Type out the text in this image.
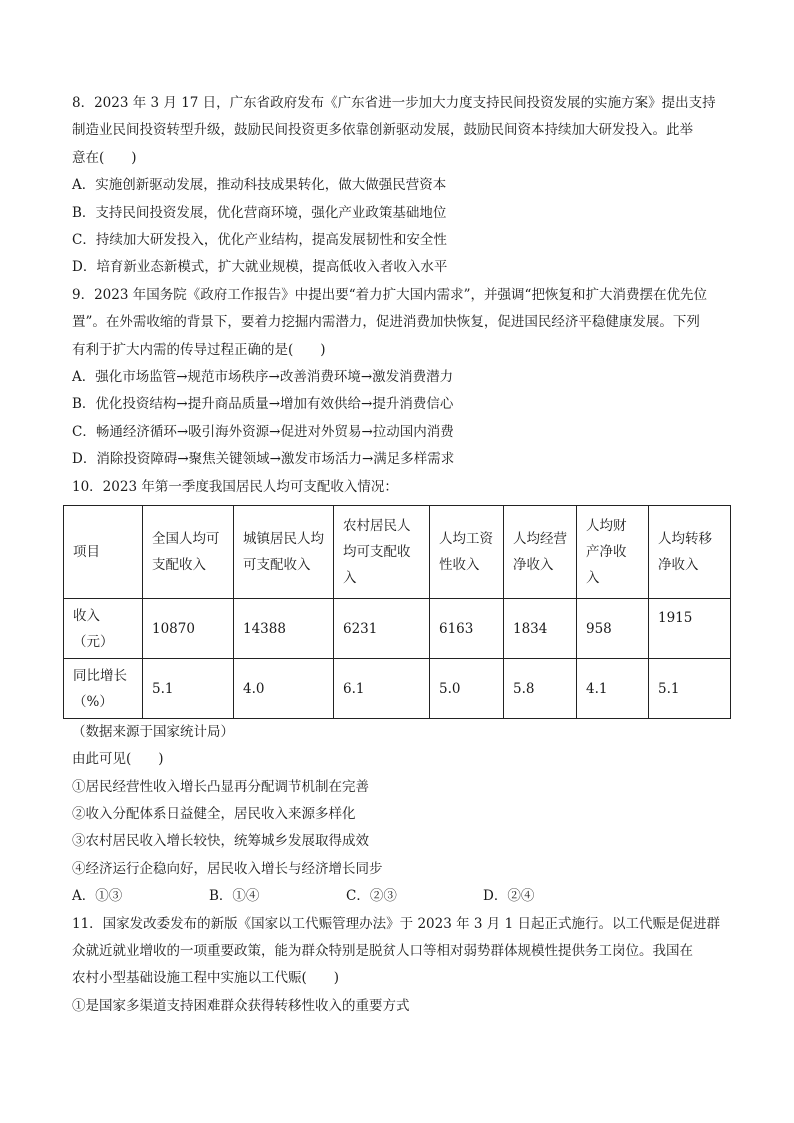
8．2023 年 3 月 17 日，广东省政府发布《广东省进一步加大力度支持民间投资发展的实施方案》提出支持
制造业民间投资转型升级，鼓励民间投资更多依靠创新驱动发展，鼓励民间资本持续加大研发投入。此举
意在(　　)
A．实施创新驱动发展，推动科技成果转化，做大做强民营资本
B．支持民间投资发展，优化营商环境，强化产业政策基础地位
C．持续加大研发投入，优化产业结构，提高发展韧性和安全性
D．培育新业态新模式，扩大就业规模，提高低收入者收入水平
9．2023 年国务院《政府工作报告》中提出要“着力扩大国内需求”，并强调“把恢复和扩大消费摆在优先位
置”。在外需收缩的背景下，要着力挖掘内需潜力，促进消费加快恢复，促进国民经济平稳健康发展。下列
有利于扩大内需的传导过程正确的是(　　)
A．强化市场监管→规范市场秩序→改善消费环境→激发消费潜力
B．优化投资结构→提升商品质量→增加有效供给→提升消费信心
C．畅通经济循环→吸引海外资源→促进对外贸易→拉动国内消费
D．消除投资障碍→聚焦关键领域→激发市场活力→满足多样需求
10．2023 年第一季度我国居民人均可支配收入情况：
项目	全国人均可支配收入	城镇居民人均可支配收入	农村居民人均可支配收入	人均工资性收入	人均经营净收入	人均财产净收入	人均转移净收入
收入（元）	10870	14388	6231	6163	1834	958	1915
同比增长（%）	5.1	4.0	6.1	5.0	5.8	4.1	5.1
（数据来源于国家统计局）
由此可见(　　)
①居民经营性收入增长凸显再分配调节机制在完善
②收入分配体系日益健全，居民收入来源多样化
③农村居民收入增长较快，统筹城乡发展取得成效
④经济运行企稳向好，居民收入增长与经济增长同步
A．①③	B．①④	C．②③	D．②④
11．国家发改委发布的新版《国家以工代赈管理办法》于 2023 年 3 月 1 日起正式施行。以工代赈是促进群
众就近就业增收的一项重要政策，能为群众特别是脱贫人口等相对弱势群体规模性提供务工岗位。我国在
农村小型基础设施工程中实施以工代赈(　　)
①是国家多渠道支持困难群众获得转移性收入的重要方式
